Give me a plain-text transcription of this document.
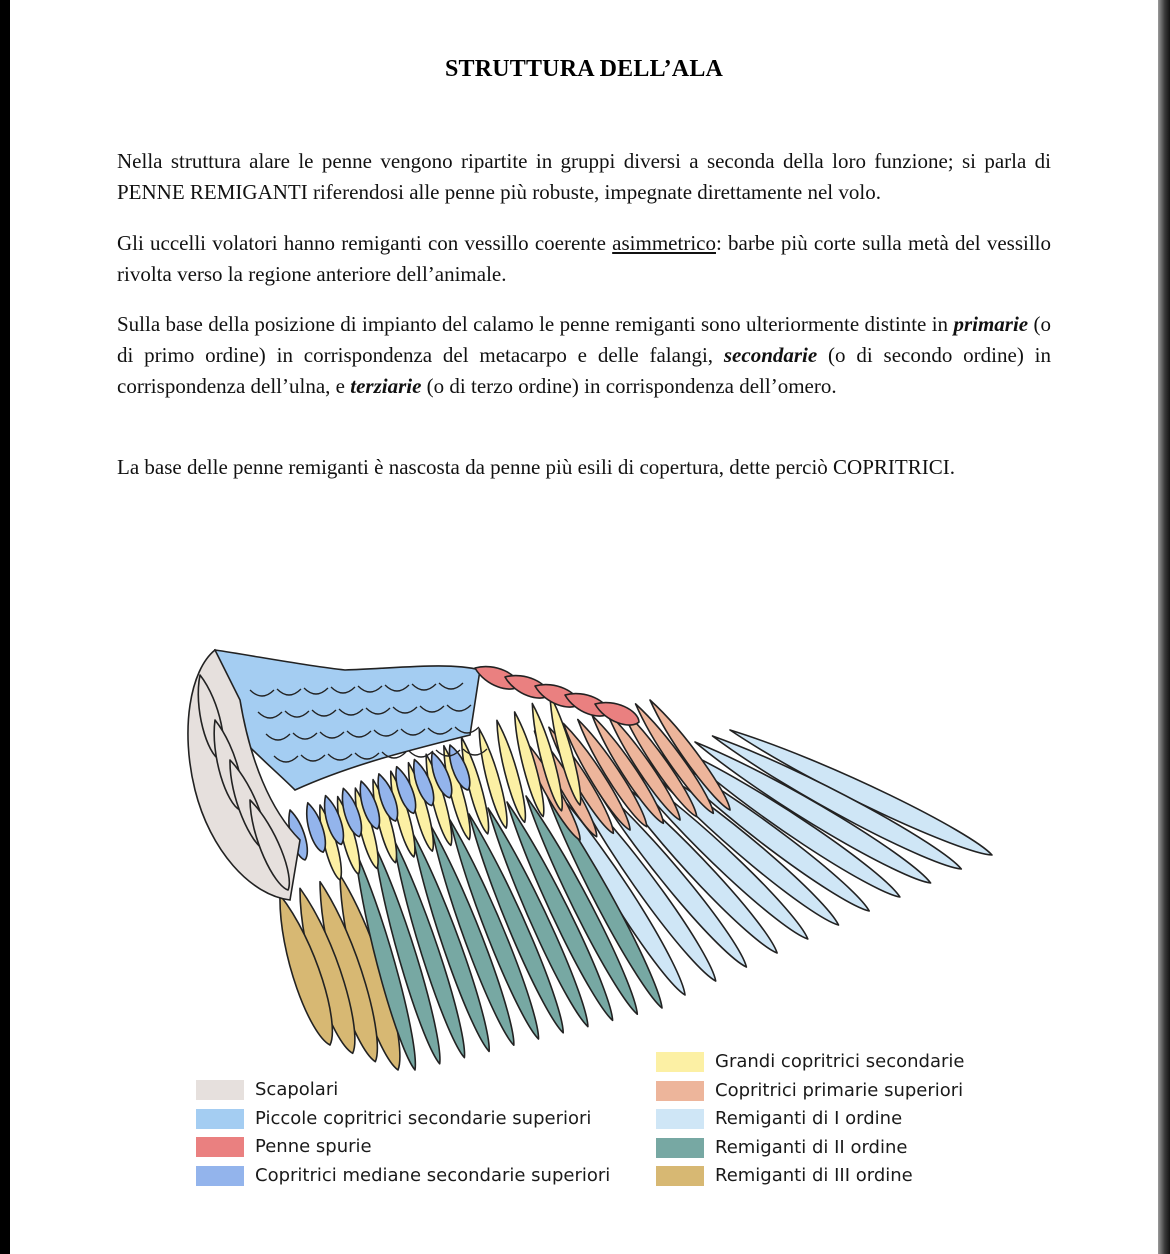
STRUTTURA DELL’ALA

Nella struttura alare le penne vengono ripartite in gruppi diversi a seconda della loro funzione; si parla di PENNE REMIGANTI riferendosi alle penne più robuste, impegnate direttamente nel volo.

Gli uccelli volatori hanno remiganti con vessillo coerente asimmetrico: barbe più corte sulla metà del vessillo rivolta verso la regione anteriore dell’animale.

Sulla base della posizione di impianto del calamo le penne remiganti sono ulteriormente distinte in primarie (o di primo ordine) in corrispondenza del metacarpo e delle falangi, secondarie (o di secondo ordine) in corrispondenza dell’ulna, e terziarie (o di terzo ordine) in corrispondenza dell’omero.

La base delle penne remiganti è nascosta da penne più esili di copertura, dette perciò COPRITRICI.

Scapolari
Piccole copritrici secondarie superiori
Penne spurie
Copritrici mediane secondarie superiori
Grandi copritrici secondarie
Copritrici primarie superiori
Remiganti di I ordine
Remiganti di II ordine
Remiganti di III ordine
